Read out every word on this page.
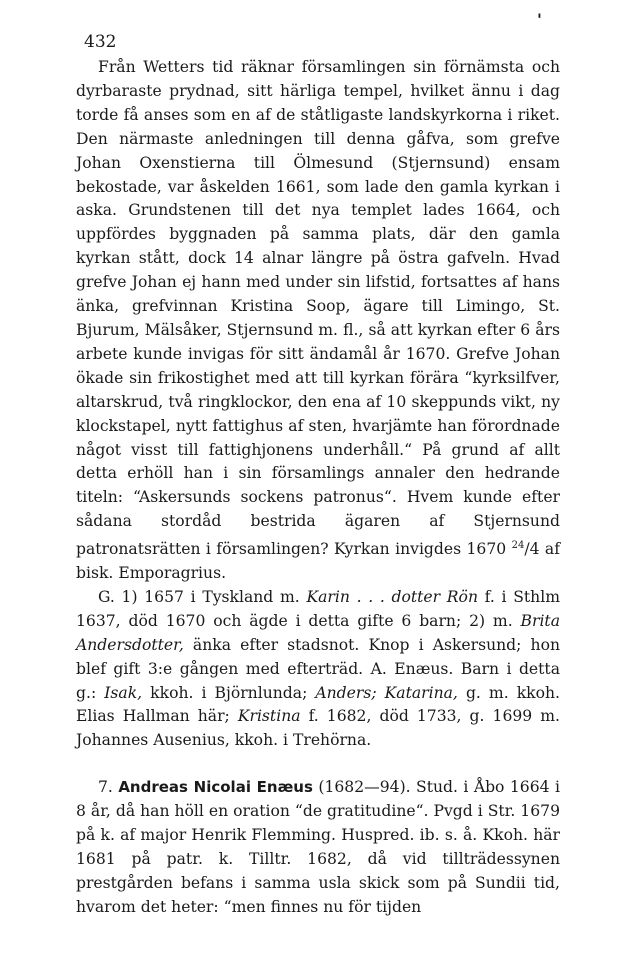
'
432

Från Wetters tid räknar församlingen sin förnämsta och dyrbaraste prydnad, sitt härliga tempel, hvilket ännu i dag torde få anses som en af de ståtligaste landskyrkorna i riket. Den närmaste anledningen till denna gåfva, som grefve Johan Oxenstierna till Ölmesund (Stjernsund) ensam bekostade, var åskelden 1661, som lade den gamla kyrkan i aska. Grundstenen till det nya templet lades 1664, och uppfördes byggnaden på samma plats, där den gamla kyrkan stått, dock 14 alnar längre på östra gafveln. Hvad grefve Johan ej hann med under sin lifstid, fortsattes af hans änka, grefvinnan Kristina Soop, ägare till Limingo, St. Bjurum, Mälsåker, Stjernsund m. fl., så att kyrkan efter 6 års arbete kunde invigas för sitt ändamål år 1670. Grefve Johan ökade sin frikostighet med att till kyrkan förära “kyrksilfver, altarskrud, två ringklockor, den ena af 10 skeppunds vikt, ny klockstapel, nytt fattighus af sten, hvarjämte han förordnade något visst till fattighjonens underhåll.“ På grund af allt detta erhöll han i sin församlings annaler den hedrande titeln: “Askersunds sockens patronus“. Hvem kunde efter sådana stordåd bestrida ägaren af Stjernsund patronatsrätten i församlingen? Kyrkan invigdes 1670 $^{24}$/4 af bisk. Emporagrius.

G. 1) 1657 i Tyskland m. Karin . . . dotter Rön f. i Sthlm 1637, död 1670 och ägde i detta gifte 6 barn; 2) m. Brita Andersdotter, änka efter stadsnot. Knop i Askersund; hon blef gift 3:e gången med efterträd. A. Enæus. Barn i detta g.: Isak, kkoh. i Björnlunda; Anders; Katarina, g. m. kkoh. Elias Hallman här; Kristina f. 1682, död 1733, g. 1699 m. Johannes Ausenius, kkoh. i Trehörna.

7. Andreas Nicolai Enæus (1682—94). Stud. i Åbo 1664 i 8 år, då han höll en oration “de gratitudine“. Pvgd i Str. 1679 på k. af major Henrik Flemming. Huspred. ib. s. å. Kkoh. här 1681 på patr. k. Tilltr. 1682, då vid tillträdessynen prestgården befans i samma usla skick som på Sundii tid, hvarom det heter: “men finnes nu för tijden
